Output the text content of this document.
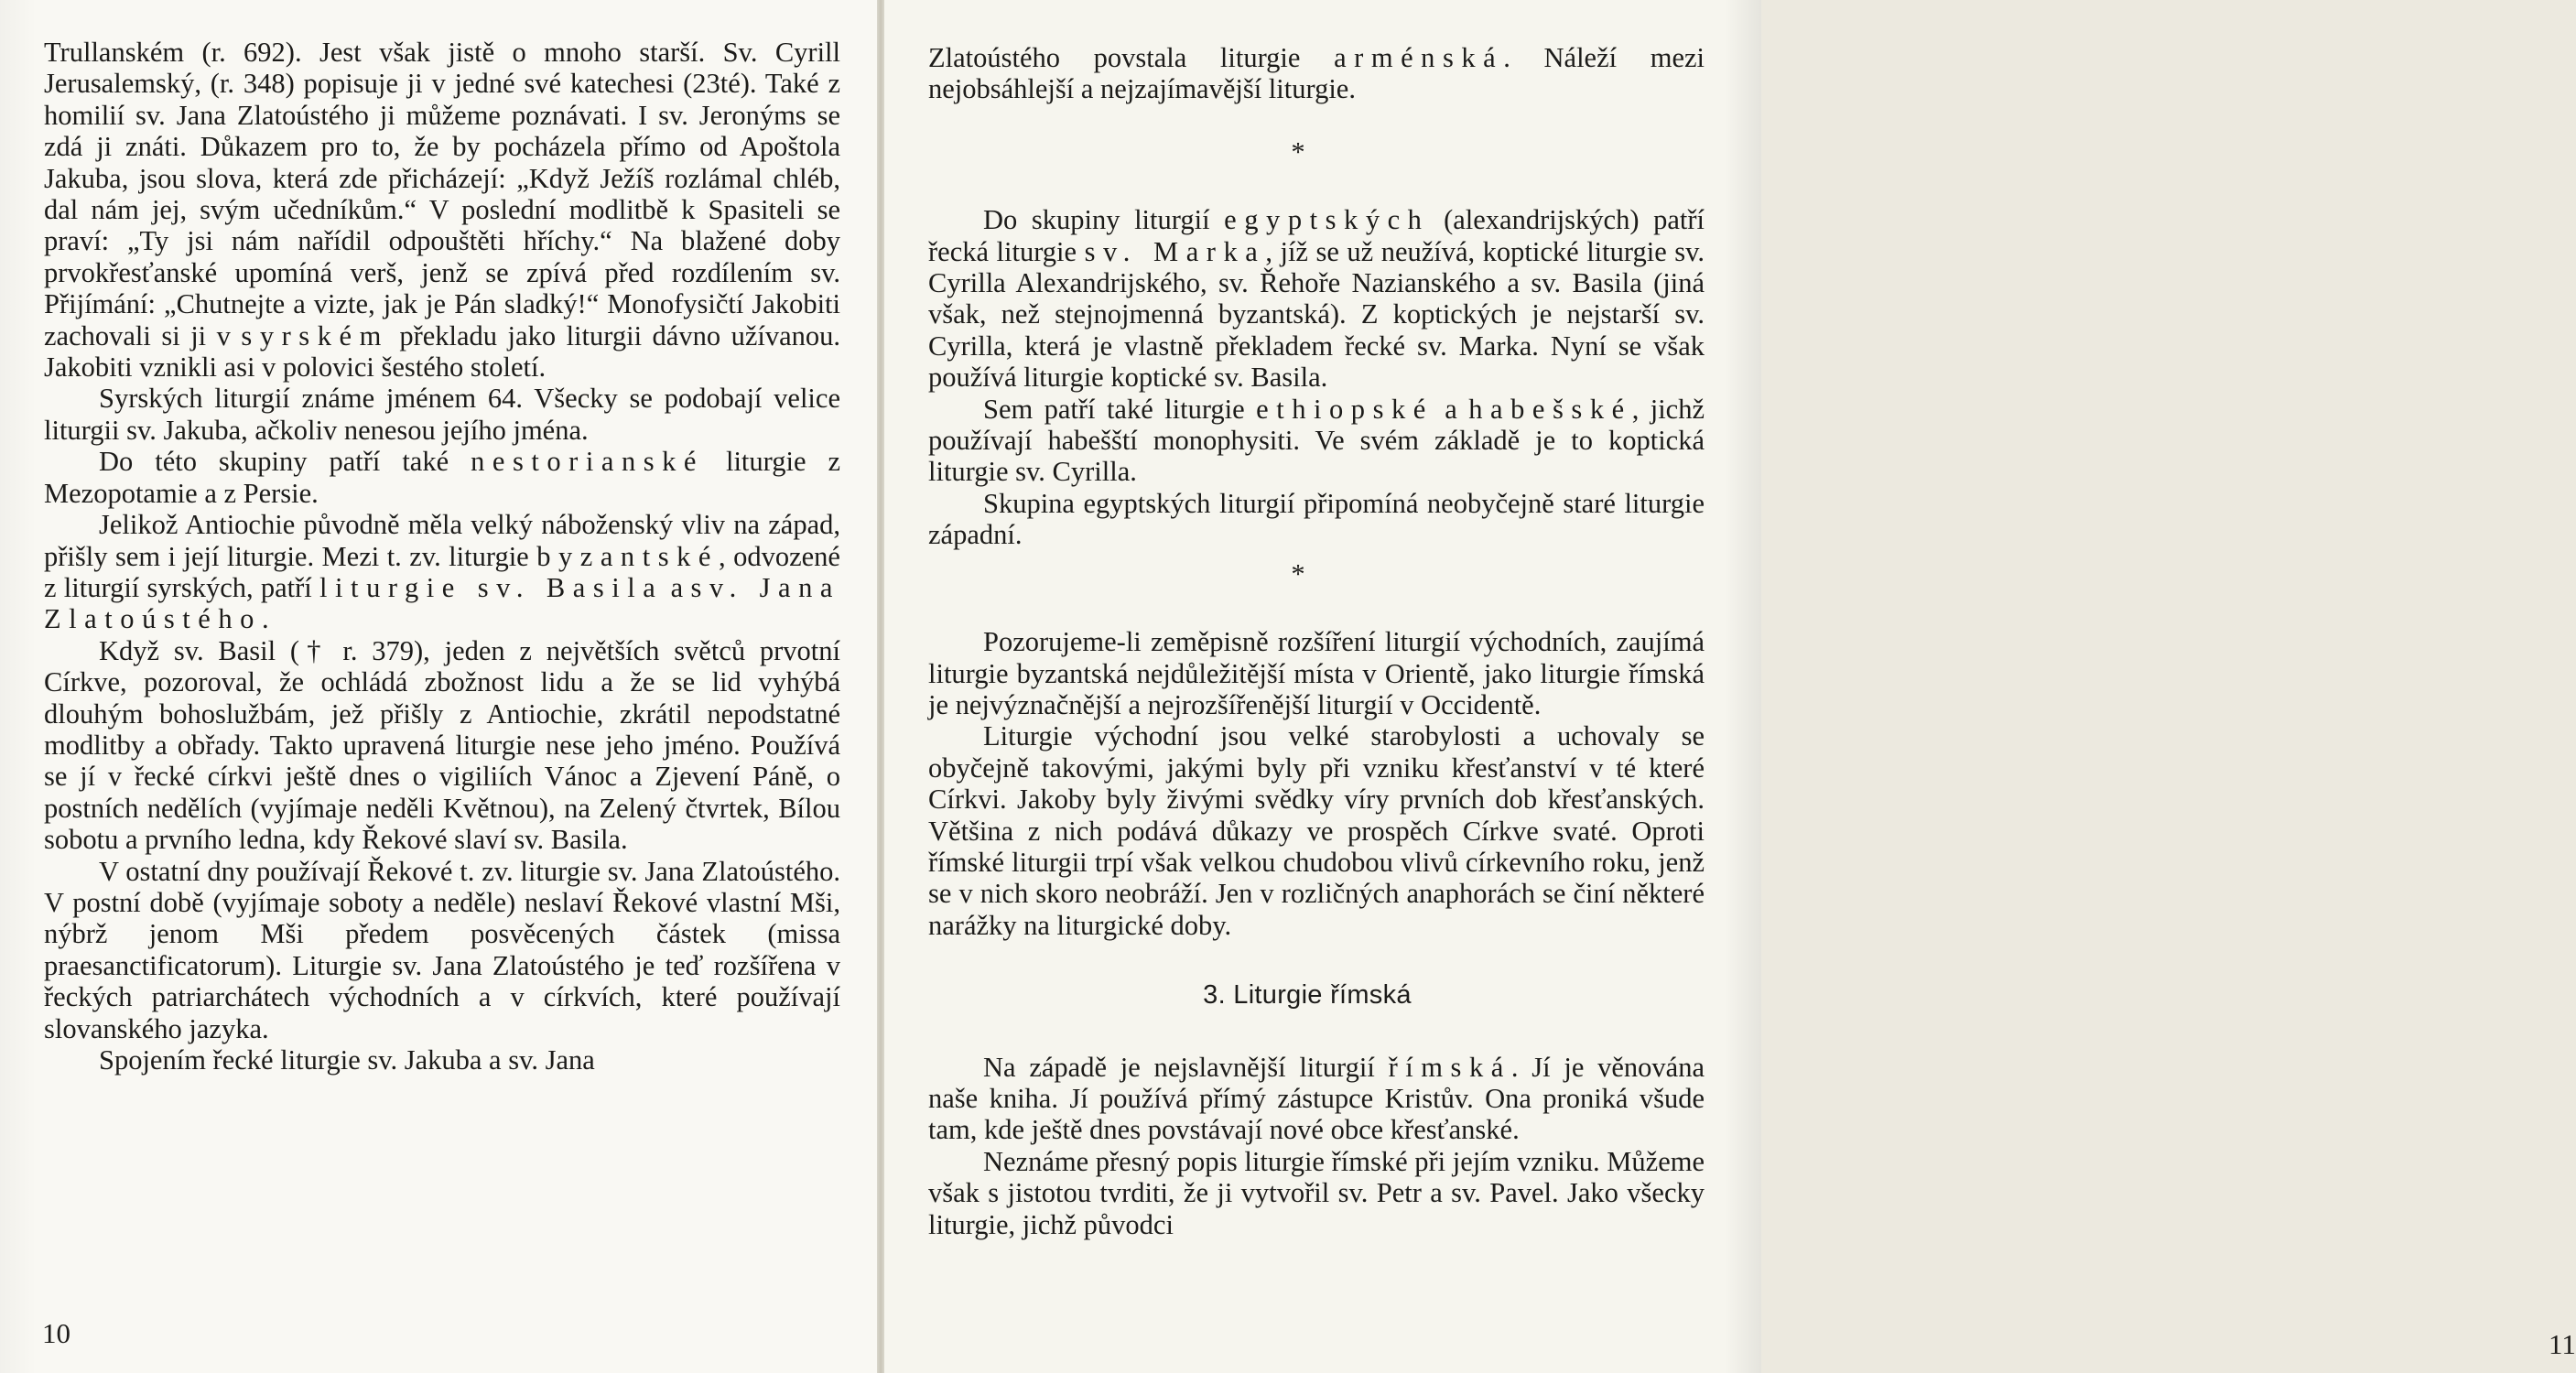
Trullanském (r. 692). Jest však jistě o mnoho starší. Sv. Cyrill Jerusalemský, (r. 348) popisuje ji v jedné své katechesi (23té). Také z homilií sv. Jana Zlatoústého ji můžeme poznávati. I sv. Jeronýms se zdá ji znáti. Důkazem pro to, že by pocházela přímo od Apoštola Jakuba, jsou slova, která zde přicházejí: „Když Ježíš rozlámal chléb, dal nám jej, svým učedníkům.“ V poslední modlitbě k Spasiteli se praví: „Ty jsi nám nařídil odpouštěti hříchy.“ Na blažené doby prvokřesťanské upomíná verš, jenž se zpívá před rozdílením sv. Přijímání: „Chutnejte a vizte, jak je Pán sladký!“ Monofysičtí Jakobiti zachovali si ji v syrském překladu jako liturgii dávno užívanou. Jakobiti vznikli asi v polovici šestého století.

Syrských liturgií známe jménem 64. Všecky se podobají velice liturgii sv. Jakuba, ačkoliv nenesou jejího jména.

Do této skupiny patří také nestorianské liturgie z Mezopotamie a z Persie.

Jelikož Antiochie původně měla velký náboženský vliv na západ, přišly sem i její liturgie. Mezi t. zv. liturgie byzantské, odvozené z liturgií syrských, patří liturgie sv. Basila a sv. Jana Zlatoústého.

Když sv. Basil († r. 379), jeden z největších světců prvotní Církve, pozoroval, že ochládá zbožnost lidu a že se lid vyhýbá dlouhým bohoslužbám, jež přišly z Antiochie, zkrátil nepodstatné modlitby a obřady. Takto upravená liturgie nese jeho jméno. Používá se jí v řecké církvi ještě dnes o vigiliích Vánoc a Zjevení Páně, o postních nedělích (vyjímaje neděli Květnou), na Zelený čtvrtek, Bílou sobotu a prvního ledna, kdy Řekové slaví sv. Basila.

V ostatní dny používají Řekové t. zv. liturgie sv. Jana Zlatoústého. V postní době (vyjímaje soboty a neděle) neslaví Řekové vlastní Mši, nýbrž jenom Mši předem posvěcených částek (missa praesanctificatorum). Liturgie sv. Jana Zlatoústého je teď rozšířena v řeckých patriarchátech východních a v církvích, které používají slovanského jazyka.

Spojením řecké liturgie sv. Jakuba a sv. Jana

10

Zlatoústého povstala liturgie arménská. Náleží mezi nejobsáhlejší a nejzajímavější liturgie.

*

Do skupiny liturgií egyptských (alexandrijských) patří řecká liturgie sv. Marka, jíž se už neužívá, koptické liturgie sv. Cyrilla Alexandrijského, sv. Řehoře Nazianského a sv. Basila (jiná však, než stejnojmenná byzantská). Z koptických je nejstarší sv. Cyrilla, která je vlastně překladem řecké sv. Marka. Nyní se však používá liturgie koptické sv. Basila.

Sem patří také liturgie ethiopské a habešské, jichž používají habešští monophysiti. Ve svém základě je to koptická liturgie sv. Cyrilla.

Skupina egyptských liturgií připomíná neobyčejně staré liturgie západní.

*

Pozorujeme-li zeměpisně rozšíření liturgií východních, zaujímá liturgie byzantská nejdůležitější místa v Orientě, jako liturgie římská je nejvýznačnější a nejrozšířenější liturgií v Occidentě.

Liturgie východní jsou velké starobylosti a uchovaly se obyčejně takovými, jakými byly při vzniku křesťanství v té které Církvi. Jakoby byly živými svědky víry prvních dob křesťanských. Většina z nich podává důkazy ve prospěch Církve svaté. Oproti římské liturgii trpí však velkou chudobou vlivů církevního roku, jenž se v nich skoro neobráží. Jen v rozličných anaphorách se činí některé narážky na liturgické doby.

3. Liturgie římská

Na západě je nejslavnější liturgií římská. Jí je věnována naše kniha. Jí používá přímý zástupce Kristův. Ona proniká všude tam, kde ještě dnes povstávají nové obce křesťanské.

Neznáme přesný popis liturgie římské při jejím vzniku. Můžeme však s jistotou tvrditi, že ji vytvořil sv. Petr a sv. Pavel. Jako všecky liturgie, jichž původci

11
